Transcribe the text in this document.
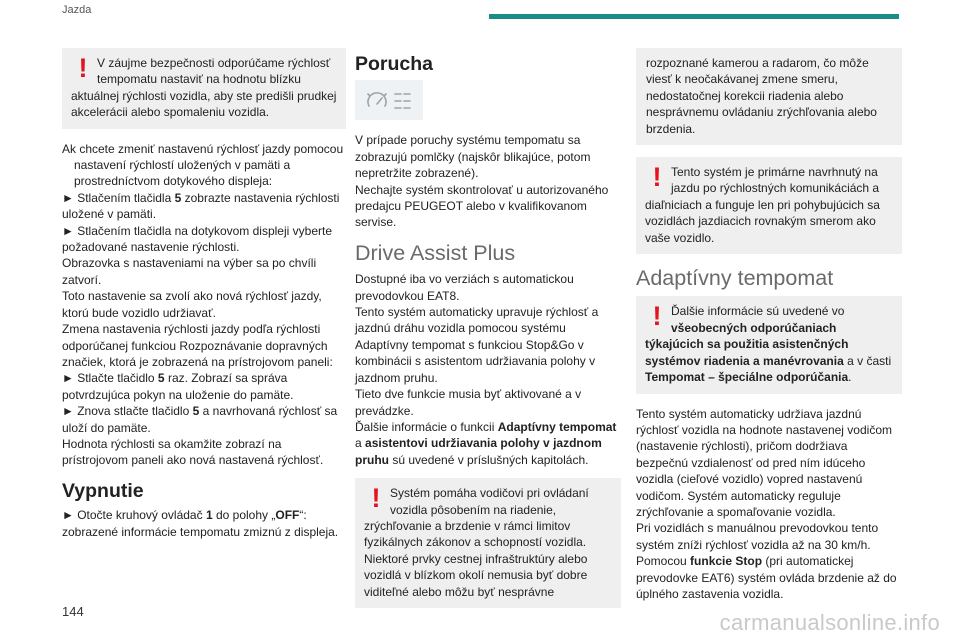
Jazda
! V záujme bezpečnosti odporúčame rýchlosť tempomatu nastaviť na hodnotu blízku aktuálnej rýchlosti vozidla, aby ste predišli prudkej akcelerácii alebo spomaleniu vozidla.

Ak chcete zmeniť nastavenú rýchlosť jazdy pomocou nastavení rýchlostí uložených v pamäti a prostredníctvom dotykového displeja:

► Stlačením tlačidla 5 zobrazte nastavenia rýchlosti uložené v pamäti.

► Stlačením tlačidla na dotykovom displeji vyberte požadované nastavenie rýchlosti.

Obrazovka s nastaveniami na výber sa po chvíli zatvorí.

Toto nastavenie sa zvolí ako nová rýchlosť jazdy, ktorú bude vozidlo udržiavať.

Zmena nastavenia rýchlosti jazdy podľa rýchlosti odporúčanej funkciou Rozpoznávanie dopravných značiek, ktorá je zobrazená na prístrojovom paneli:

► Stlačte tlačidlo 5 raz. Zobrazí sa správa potvrdzujúca pokyn na uloženie do pamäte.

► Znova stlačte tlačidlo 5 a navrhovaná rýchlosť sa uloží do pamäte.

Hodnota rýchlosti sa okamžite zobrazí na prístrojovom paneli ako nová nastavená rýchlosť.

Vypnutie

► Otočte kruhový ovládač 1 do polohy „OFF“: zobrazené informácie tempomatu zmiznú z displeja.

Porucha

V prípade poruchy systému tempomatu sa zobrazujú pomlčky (najskôr blikajúce, potom nepretržite zobrazené).

Nechajte systém skontrolovať u autorizovaného predajcu PEUGEOT alebo v kvalifikovanom servise.

Drive Assist Plus

Dostupné iba vo verziách s automatickou prevodovkou EAT8.

Tento systém automaticky upravuje rýchlosť a jazdnú dráhu vozidla pomocou systému Adaptívny tempomat s funkciou Stop&Go v kombinácii s asistentom udržiavania polohy v jazdnom pruhu.

Tieto dve funkcie musia byť aktivované a v prevádzke.

Ďalšie informácie o funkcii Adaptívny tempomat a asistentovi udržiavania polohy v jazdnom pruhu sú uvedené v príslušných kapitolách.

! Systém pomáha vodičovi pri ovládaní vozidla pôsobením na riadenie, zrýchľovanie a brzdenie v rámci limitov fyzikálnych zákonov a schopností vozidla. Niektoré prvky cestnej infraštruktúry alebo vozidlá v blízkom okolí nemusia byť dobre viditeľné alebo môžu byť nesprávne

rozpoznané kamerou a radarom, čo môže viesť k neočakávanej zmene smeru, nedostatočnej korekcii riadenia alebo nesprávnemu ovládaniu zrýchľovania alebo brzdenia.

! Tento systém je primárne navrhnutý na jazdu po rýchlostných komunikáciách a diaľniciach a funguje len pri pohybujúcich sa vozidlách jazdiacich rovnakým smerom ako vaše vozidlo.

Adaptívny tempomat
! Ďalšie informácie sú uvedené vo všeobecných odporúčaniach týkajúcich sa použitia asistenčných systémov riadenia a manévrovania a v časti Tempomat – špeciálne odporúčania.

Tento systém automaticky udržiava jazdnú rýchlosť vozidla na hodnote nastavenej vodičom (nastavenie rýchlosti), pričom dodržiava bezpečnú vzdialenosť od pred ním idúceho vozidla (cieľové vozidlo) vopred nastavenú vodičom. Systém automaticky reguluje zrýchľovanie a spomaľovanie vozidla.

Pri vozidlách s manuálnou prevodovkou tento systém zníži rýchlosť vozidla až na 30 km/h.

Pomocou funkcie Stop (pri automatickej prevodovke EAT6) systém ovláda brzdenie až do úplného zastavenia vozidla.

144	carmanualsonline.info
